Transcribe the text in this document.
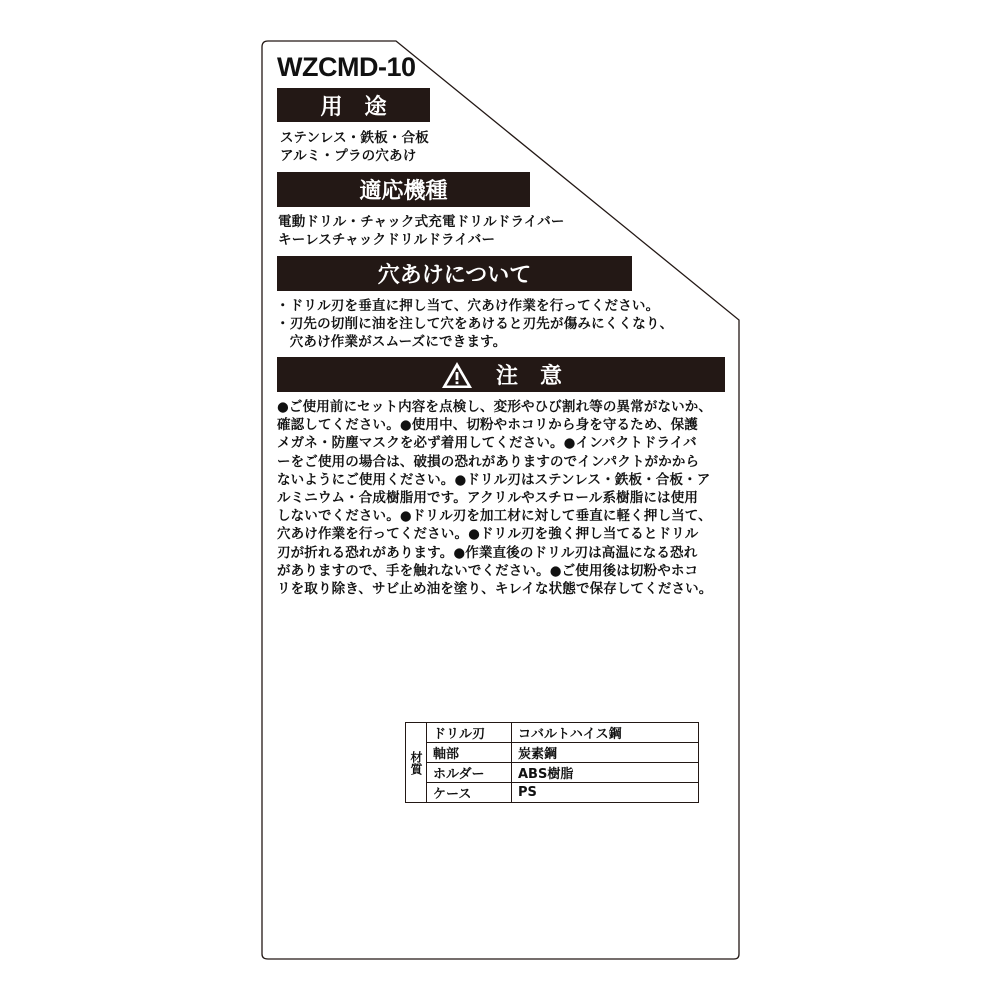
WZCMD-10
用　途
ステンレス・鉄板・合板
アルミ・プラの穴あけ
適応機種
電動ドリル・チャック式充電ドリルドライバー
キーレスチャックドリルドライバー
穴あけについて
・ドリル刃を垂直に押し当て、穴あけ作業を行ってください。
・刃先の切削に油を注して穴をあけると刃先が傷みにくくなり、
　穴あけ作業がスムーズにできます。
注　意
●ご使用前にセット内容を点検し、変形やひび割れ等の異常がないか、
確認してください。●使用中、切粉やホコリから身を守るため、保護
メガネ・防塵マスクを必ず着用してください。●インパクトドライバ
ーをご使用の場合は、破損の恐れがありますのでインパクトがかから
ないようにご使用ください。●ドリル刃はステンレス・鉄板・合板・ア
ルミニウム・合成樹脂用です。アクリルやスチロール系樹脂には使用
しないでください。●ドリル刃を加工材に対して垂直に軽く押し当て、
穴あけ作業を行ってください。●ドリル刃を強く押し当てるとドリル
刃が折れる恐れがあります。●作業直後のドリル刃は高温になる恐れ
がありますので、手を触れないでください。●ご使用後は切粉やホコ
リを取り除き、サビ止め油を塗り、キレイな状態で保存してください。
材質	ドリル刃	コバルトハイス鋼
	軸部	炭素鋼
	ホルダー	ABS樹脂
	ケース	PS
